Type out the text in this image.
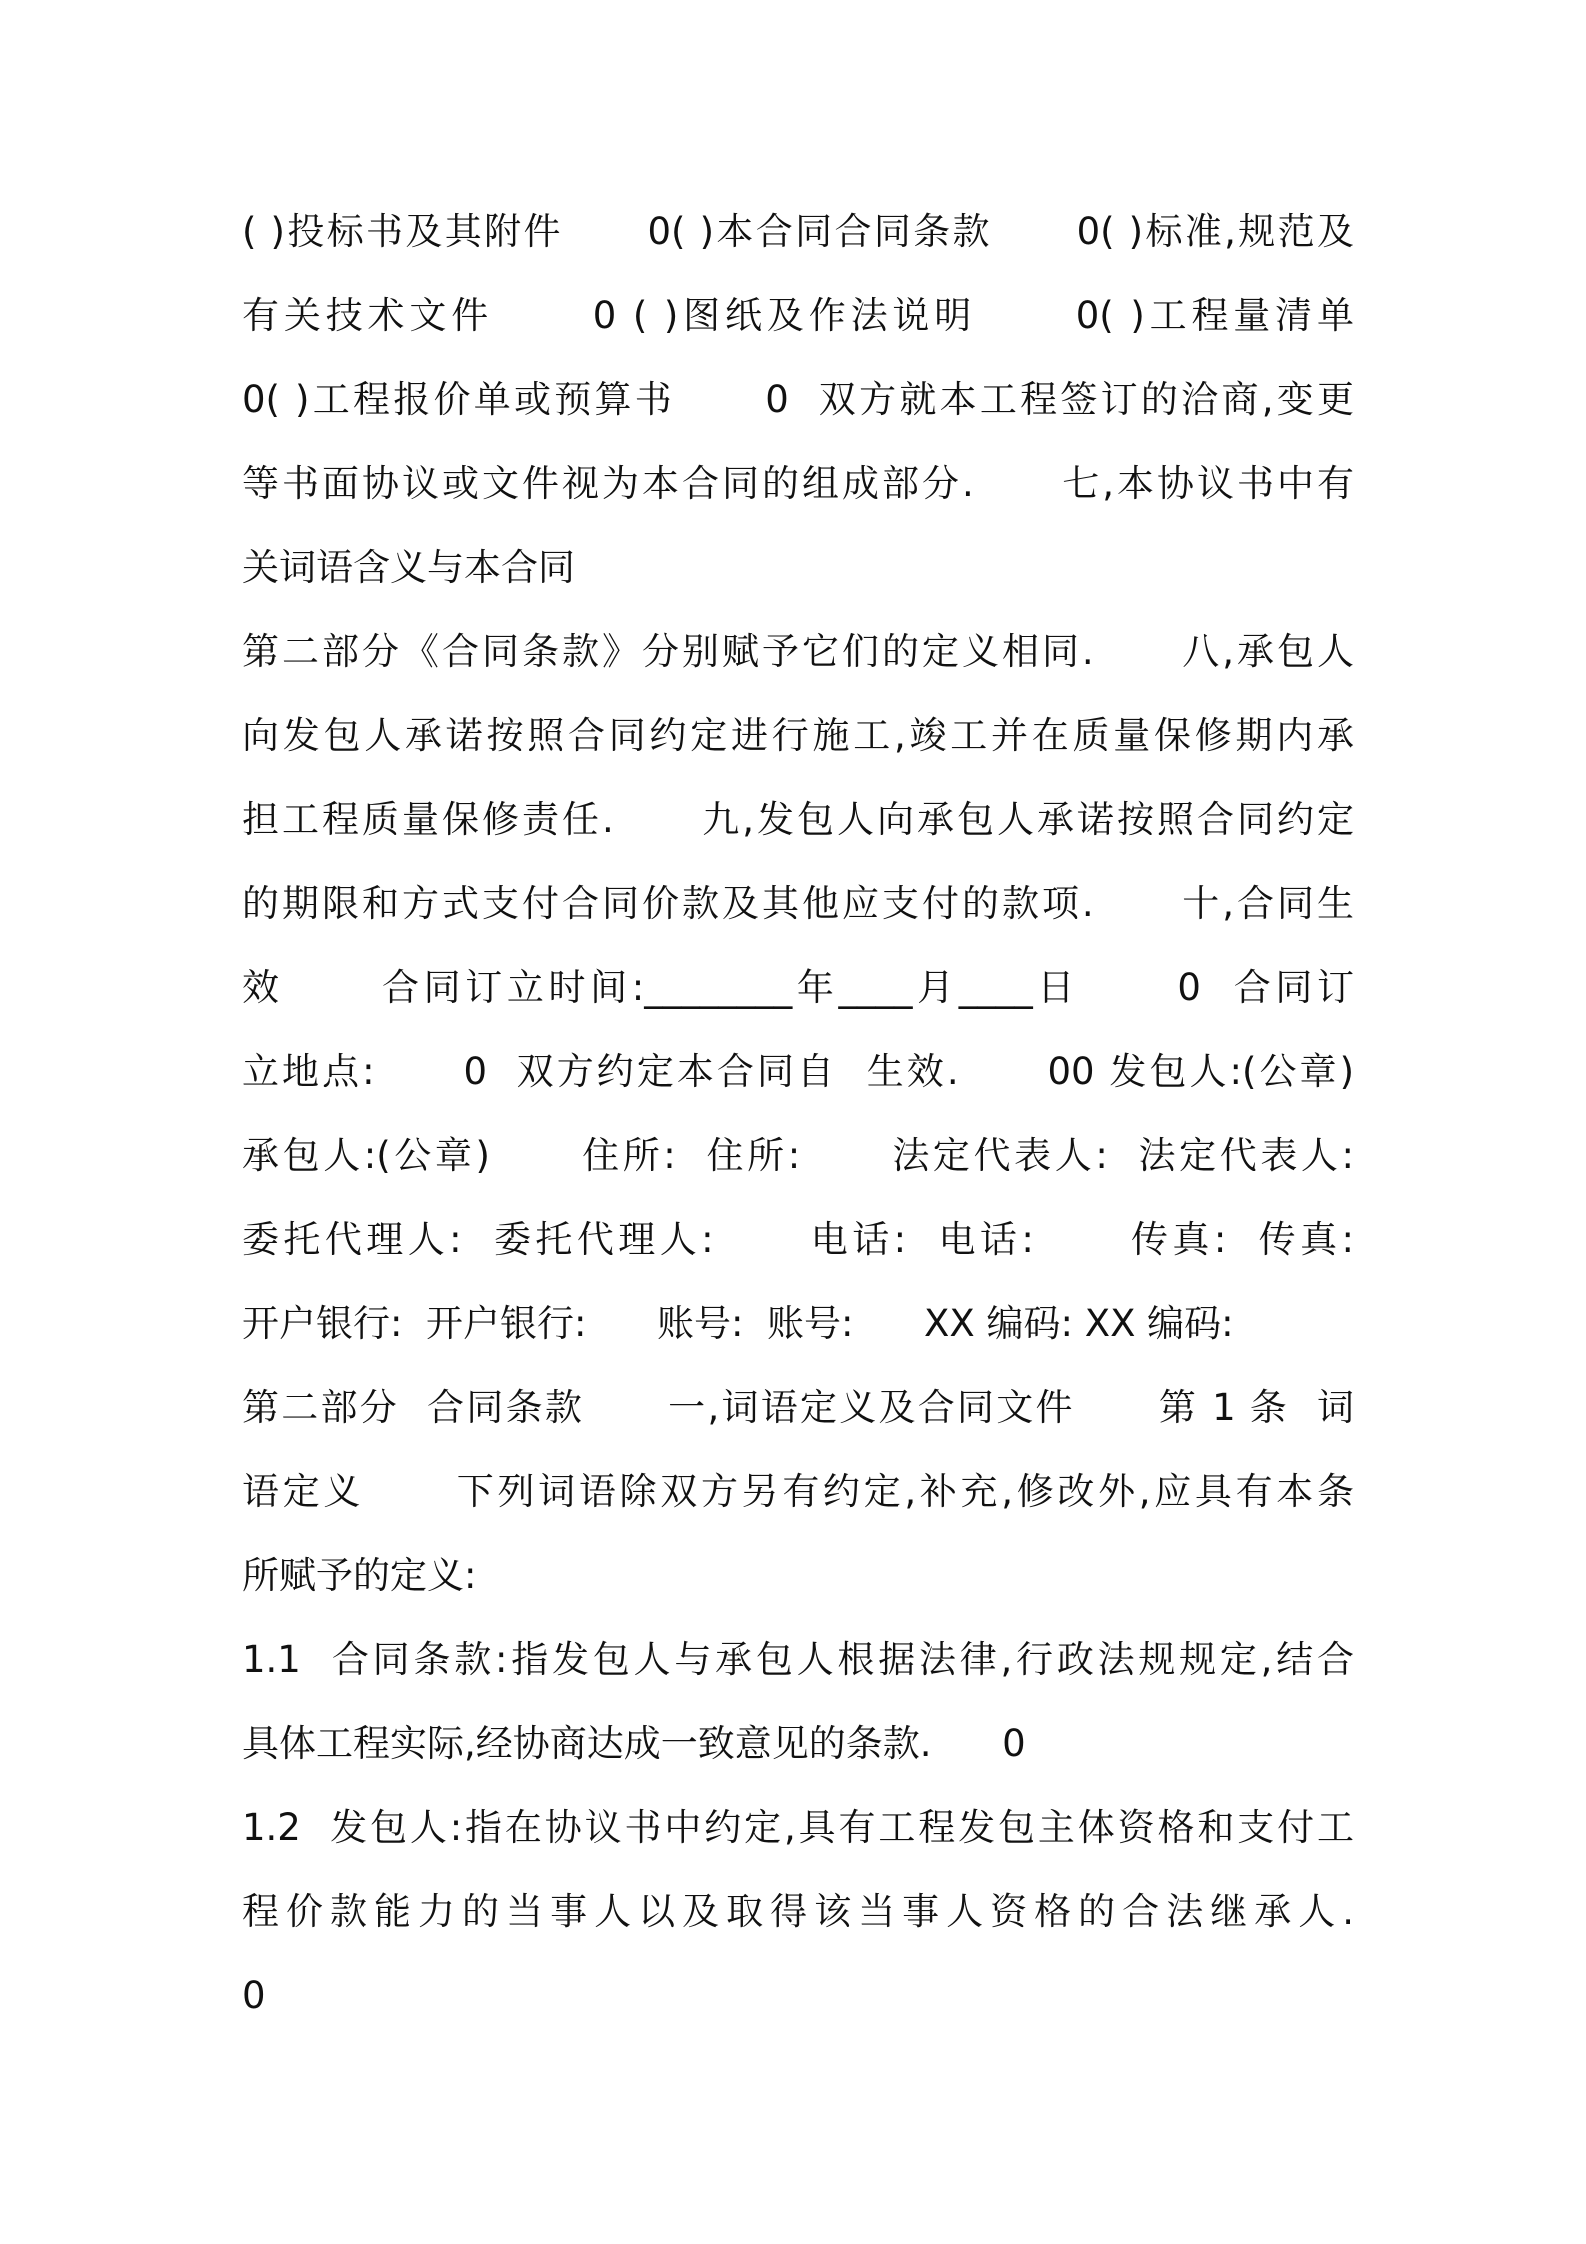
( )投标书及其附件      0( )本合同合同条款      0( )标准,规范及
有关技术文件      0 ( )图纸及作法说明      0( )工程量清单
0( )工程报价单或预算书      0  双方就本工程签订的洽商,变更
等书面协议或文件视为本合同的组成部分.      七,本协议书中有
关词语含义与本合同
第二部分《合同条款》分别赋予它们的定义相同.      八,承包人
向发包人承诺按照合同约定进行施工,竣工并在质量保修期内承
担工程质量保修责任.      九,发包人向承包人承诺按照合同约定
的期限和方式支付合同价款及其他应支付的款项.      十,合同生
效      合同订立时间:________年____月____日      0  合同订
立地点:      0  双方约定本合同自  生效.      00 发包人:(公章)
承包人:(公章)      住所:  住所:      法定代表人:  法定代表人:
委托代理人:  委托代理人:      电话:  电话:      传真:  传真:
开户银行:  开户银行:      账号:  账号:      XX 编码: XX 编码:
第二部分  合同条款      一,词语定义及合同文件      第 1 条  词
语定义      下列词语除双方另有约定,补充,修改外,应具有本条
所赋予的定义:
1.1  合同条款:指发包人与承包人根据法律,行政法规规定,结合
具体工程实际,经协商达成一致意见的条款.      0
1.2  发包人:指在协议书中约定,具有工程发包主体资格和支付工
程价款能力的当事人以及取得该当事人资格的合法继承人.
0
